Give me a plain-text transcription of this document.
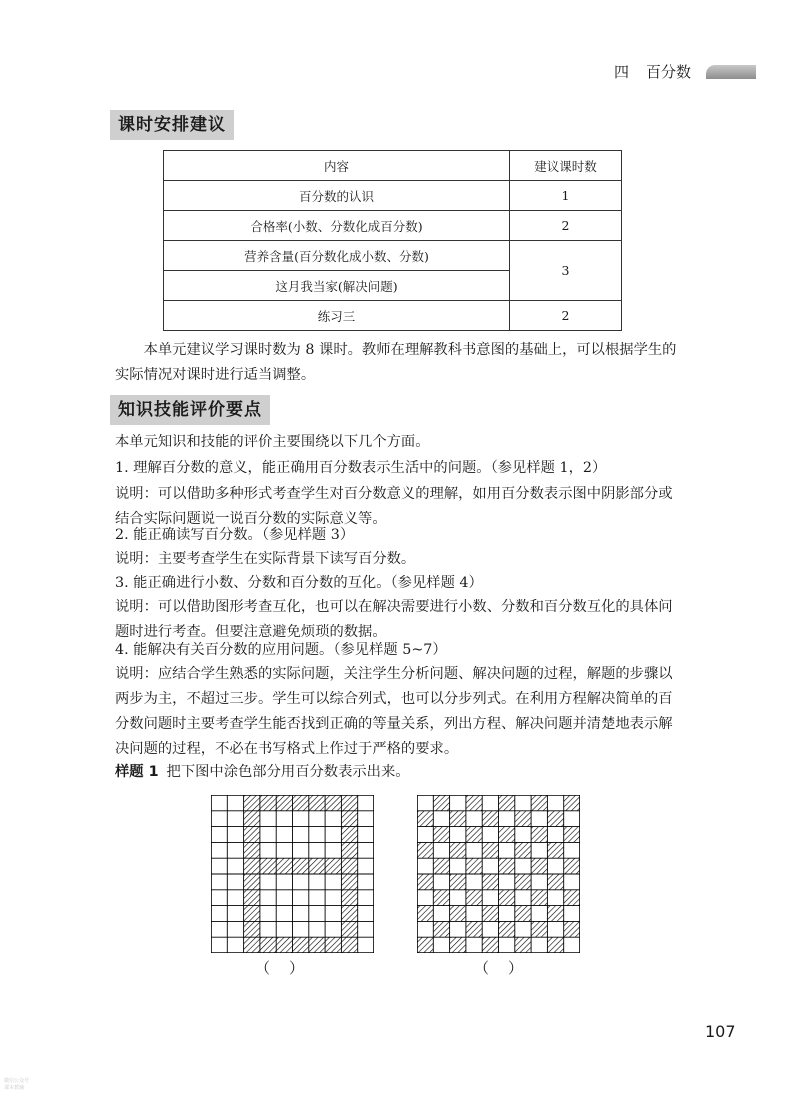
四 百分数
课时安排建议
内容	建议课时数
百分数的认识	1
合格率(小数、分数化成百分数)	2
营养含量(百分数化成小数、分数)	3
这月我当家(解决问题)	
练习三	2

本单元建议学习课时数为 8 课时。教师在理解教科书意图的基础上，可以根据学生的实际情况对课时进行适当调整。

知识技能评价要点

本单元知识和技能的评价主要围绕以下几个方面。

1. 理解百分数的意义，能正确用百分数表示生活中的问题。（参见样题 1，2）

说明：可以借助多种形式考查学生对百分数意义的理解，如用百分数表示图中阴影部分或结合实际问题说一说百分数的实际意义等。

2. 能正确读写百分数。（参见样题 3）

说明：主要考查学生在实际背景下读写百分数。

3. 能正确进行小数、分数和百分数的互化。（参见样题 4）

说明：可以借助图形考查互化，也可以在解决需要进行小数、分数和百分数互化的具体问题时进行考查。但要注意避免烦琐的数据。

4. 能解决有关百分数的应用问题。（参见样题 5~7）

说明：应结合学生熟悉的实际问题，关注学生分析问题、解决问题的过程，解题的步骤以两步为主，不超过三步。学生可以综合列式，也可以分步列式。在利用方程解决简单的百分数问题时主要考查学生能否找到正确的等量关系，列出方程、解决问题并清楚地表示解决问题的过程，不必在书写格式上作过于严格的要求。

样题 1 把下图中涂色部分用百分数表示出来。

（　）	（　）
107
微信公众号
课本教辅
